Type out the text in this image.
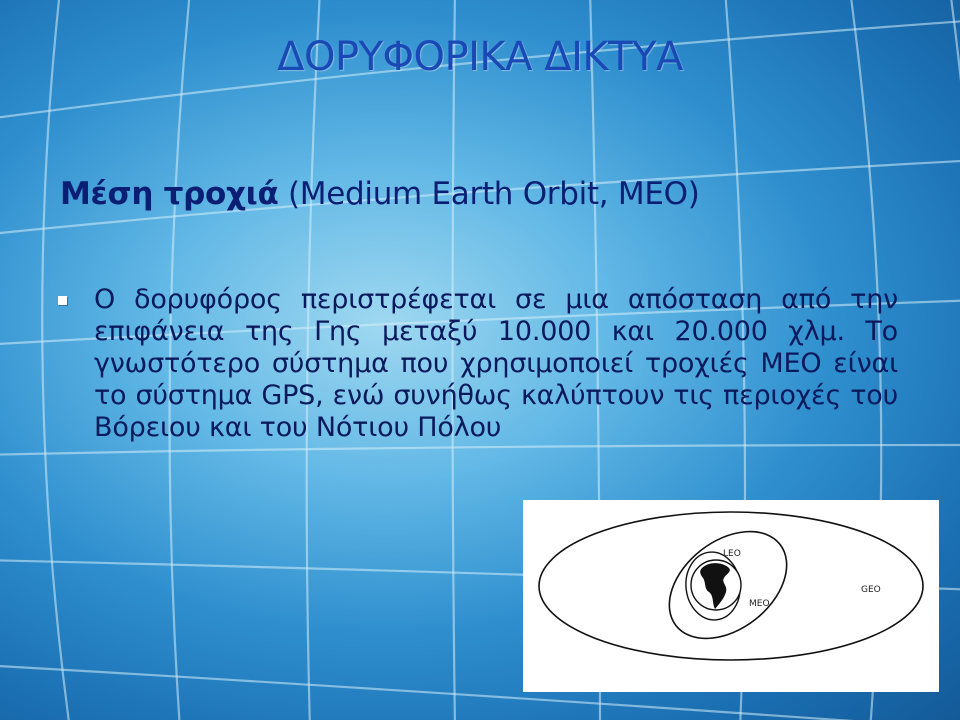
ΔΟΡΥΦΟΡΙΚΑ ΔΙΚΤΥΑ
Μέση τροχιά (Medium Earth Orbit, MEO)
Ο δορυφόρος περιστρέφεται σε μια απόσταση από την επιφάνεια της Γης μεταξύ 10.000 και 20.000 χλμ. Το γνωστότερο σύστημα που χρησιμοποιεί τροχιές MEO είναι το σύστημα GPS, ενώ συνήθως καλύπτουν τις περιοχές του Βόρειου και του Νότιου Πόλου
LEO
MEO
GEO
